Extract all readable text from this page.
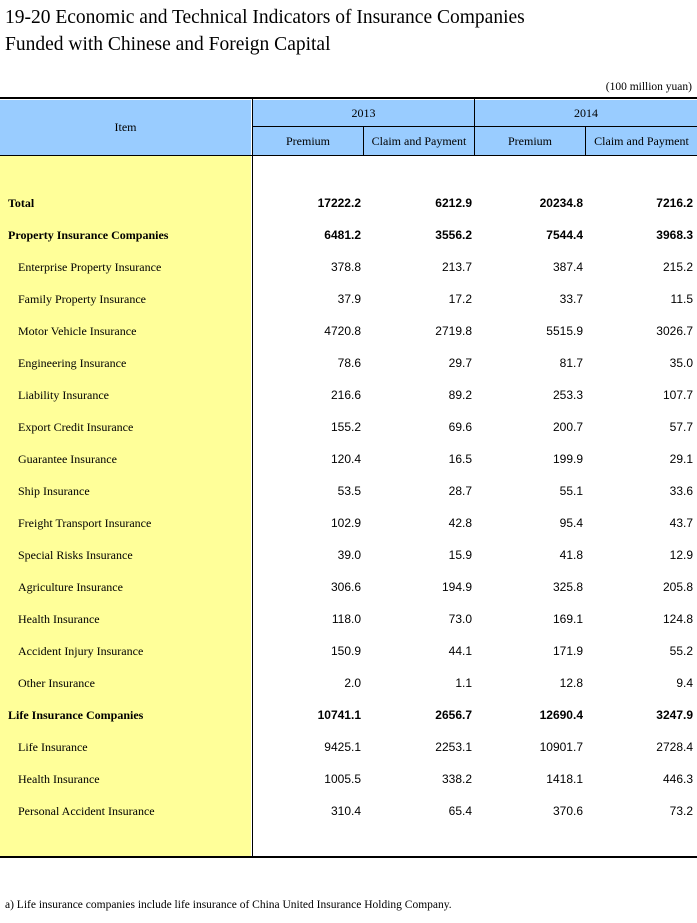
19-20 Economic and Technical Indicators of Insurance Companies
Funded with Chinese and Foreign Capital
(100 million yuan)
Item
2013	2014
Premium	Claim and Payment	Premium	Claim and Payment
Total	17222.2	6212.9	20234.8	7216.2
Property Insurance Companies	6481.2	3556.2	7544.4	3968.3
Enterprise Property Insurance	378.8	213.7	387.4	215.2
Family Property Insurance	37.9	17.2	33.7	11.5
Motor Vehicle Insurance	4720.8	2719.8	5515.9	3026.7
Engineering Insurance	78.6	29.7	81.7	35.0
Liability Insurance	216.6	89.2	253.3	107.7
Export Credit Insurance	155.2	69.6	200.7	57.7
Guarantee Insurance	120.4	16.5	199.9	29.1
Ship Insurance	53.5	28.7	55.1	33.6
Freight Transport Insurance	102.9	42.8	95.4	43.7
Special Risks Insurance	39.0	15.9	41.8	12.9
Agriculture Insurance	306.6	194.9	325.8	205.8
Health Insurance	118.0	73.0	169.1	124.8
Accident Injury Insurance	150.9	44.1	171.9	55.2
Other Insurance	2.0	1.1	12.8	9.4
Life Insurance Companies	10741.1	2656.7	12690.4	3247.9
Life Insurance	9425.1	2253.1	10901.7	2728.4
Health Insurance	1005.5	338.2	1418.1	446.3
Personal Accident Insurance	310.4	65.4	370.6	73.2
a) Life insurance companies include life insurance of China United Insurance Holding Company.
